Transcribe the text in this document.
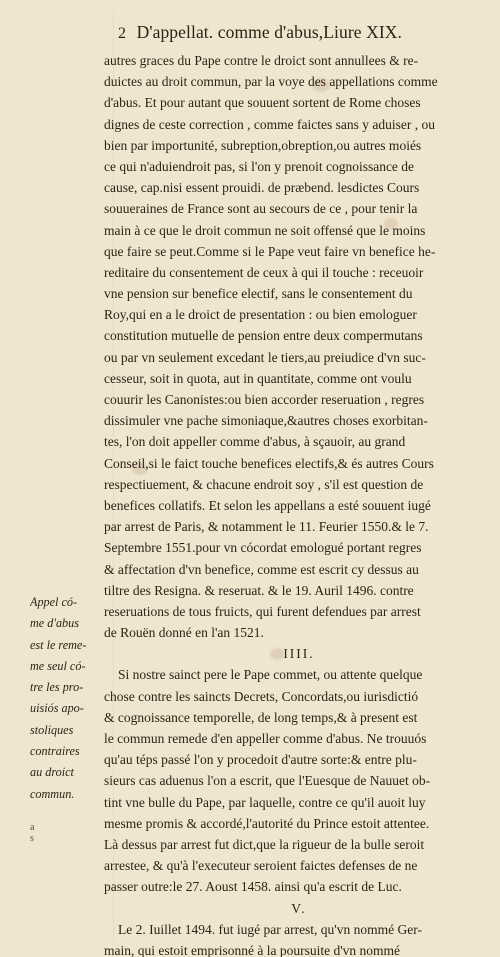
2 D'appellat. comme d'abus,Liure XIX.
autres graces du Pape contre le droict sont annullees & re-
duictes au droit commun, par la voye des appellations comme
d'abus. Et pour autant que souuent sortent de Rome choses
dignes de ceste correction , comme faictes sans y aduiser , ou
bien par importunité, subreption,obreption,ou autres moiés
ce qui n'aduiendroit pas, si l'on y prenoit cognoissance de
cause, cap.nisi essent prouidi. de præbend. lesdictes Cours
souueraines de France sont au secours de ce , pour tenir la
main à ce que le droit commun ne soit offensé que le moins
que faire se peut.Comme si le Pape veut faire vn benefice he-
reditaire du consentement de ceux à qui il touche : receuoir
vne pension sur benefice electif, sans le consentement du
Roy,qui en a le droict de presentation : ou bien emologuer
constitution mutuelle de pension entre deux compermutans
ou par vn seulement excedant le tiers,au preiudice d'vn suc-
cesseur, soit in quota, aut in quantitate, comme ont voulu
couurir les Canonistes:ou bien accorder reseruation , regres
dissimuler vne pache simoniaque,&autres choses exorbitan-
tes, l'on doit appeller comme d'abus, à sçauoir, au grand
Conseil,si le faict touche benefices electifs,& és autres Cours
respectiuement, & chacune endroit soy , s'il est question de
benefices collatifs. Et selon les appellans a esté souuent iugé
par arrest de Paris, & notamment le 11. Feurier 1550.& le 7.
Septembre 1551.pour vn cócordat emologué portant regres
& affectation d'vn benefice, comme est escrit cy dessus au
tiltre des Resigna. & reseruat. & le 19. Auril 1496. contre
reseruations de tous fruicts, qui furent defendues par arrest
de Rouën donné en l'an 1521.
IIII.
Si nostre sainct pere le Pape commet, ou attente quelque
chose contre les saincts Decrets, Concordats,ou iurisdictió
& cognoissance temporelle, de long temps,& à present est
le commun remede d'en appeller comme d'abus. Ne trouuós
qu'au téps passé l'on y procedoit d'autre sorte:& entre plu-
sieurs cas aduenus l'on a escrit, que l'Euesque de Nauuet ob-
tint vne bulle du Pape, par laquelle, contre ce qu'il auoit luy
mesme promis & accordé,l'autorité du Prince estoit attentee.
Là dessus par arrest fut dict,que la rigueur de la bulle seroit
arrestee, & qu'à l'executeur seroient faictes defenses de ne
passer outre:le 27. Aoust 1458. ainsi qu'a escrit de Luc.
V.
Le 2. Iuillet 1494. fut iugé par arrest, qu'vn nommé Ger-
main, qui estoit emprisonné à la poursuite d'vn nommé
Appel có-
me d'abus
est le reme-
me seul có-
tre les pro-
uisiós apo-
stoliques
contraires
au droict
commun.
a
s
